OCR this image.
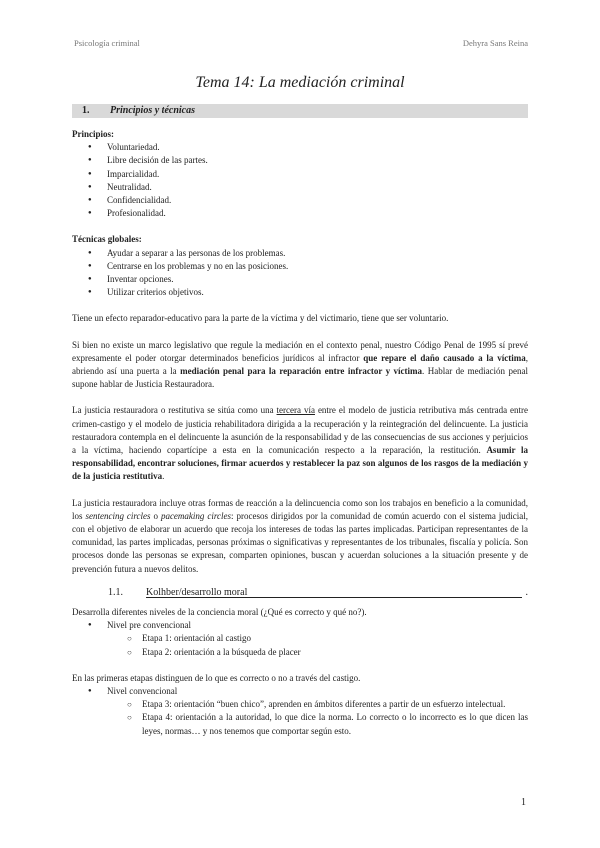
Psicología criminal	Dehyra Sans Reina
Tema 14: La mediación criminal
1. Principios y técnicas

Principios:

● Voluntariedad.
● Libre decisión de las partes.
● Imparcialidad.
● Neutralidad.
● Confidencialidad.
● Profesionalidad.

Técnicas globales:

● Ayudar a separar a las personas de los problemas.
● Centrarse en los problemas y no en las posiciones.
● Inventar opciones.
● Utilizar criterios objetivos.

Tiene un efecto reparador-educativo para la parte de la víctima y del victimario, tiene que ser voluntario.

Si bien no existe un marco legislativo que regule la mediación en el contexto penal, nuestro Código Penal de 1995 sí prevé expresamente el poder otorgar determinados beneficios jurídicos al infractor que repare el daño causado a la víctima, abriendo así una puerta a la mediación penal para la reparación entre infractor y víctima. Hablar de mediación penal supone hablar de Justicia Restauradora.

La justicia restauradora o restitutiva se sitúa como una tercera vía entre el modelo de justicia retributiva más centrada entre crimen-castigo y el modelo de justicia rehabilitadora dirigida a la recuperación y la reintegración del delincuente. La justicia restauradora contempla en el delincuente la asunción de la responsabilidad y de las consecuencias de sus acciones y perjuicios a la víctima, haciendo copartícipe a esta en la comunicación respecto a la reparación, la restitución. Asumir la responsabilidad, encontrar soluciones, firmar acuerdos y restablecer la paz son algunos de los rasgos de la mediación y de la justicia restitutiva.

La justicia restauradora incluye otras formas de reacción a la delincuencia como son los trabajos en beneficio a la comunidad, los sentencing circles o pacemaking circles: procesos dirigidos por la comunidad de común acuerdo con el sistema judicial, con el objetivo de elaborar un acuerdo que recoja los intereses de todas las partes implicadas. Participan representantes de la comunidad, las partes implicadas, personas próximas o significativas y representantes de los tribunales, fiscalía y policía. Son procesos donde las personas se expresan, comparten opiniones, buscan y acuerdan soluciones a la situación presente y de prevención futura a nuevos delitos.

1.1. Kolhber/desarrollo moral	.

Desarrolla diferentes niveles de la conciencia moral (¿Qué es correcto y qué no?).

● Nivel pre convencional
○ Etapa 1: orientación al castigo
○ Etapa 2: orientación a la búsqueda de placer

En las primeras etapas distinguen de lo que es correcto o no a través del castigo.

● Nivel convencional
○ Etapa 3: orientación “buen chico”, aprenden en ámbitos diferentes a partir de un esfuerzo intelectual.
○ Etapa 4: orientación a la autoridad, lo que dice la norma. Lo correcto o lo incorrecto es lo que dicen las leyes, normas… y nos tenemos que comportar según esto.
1
